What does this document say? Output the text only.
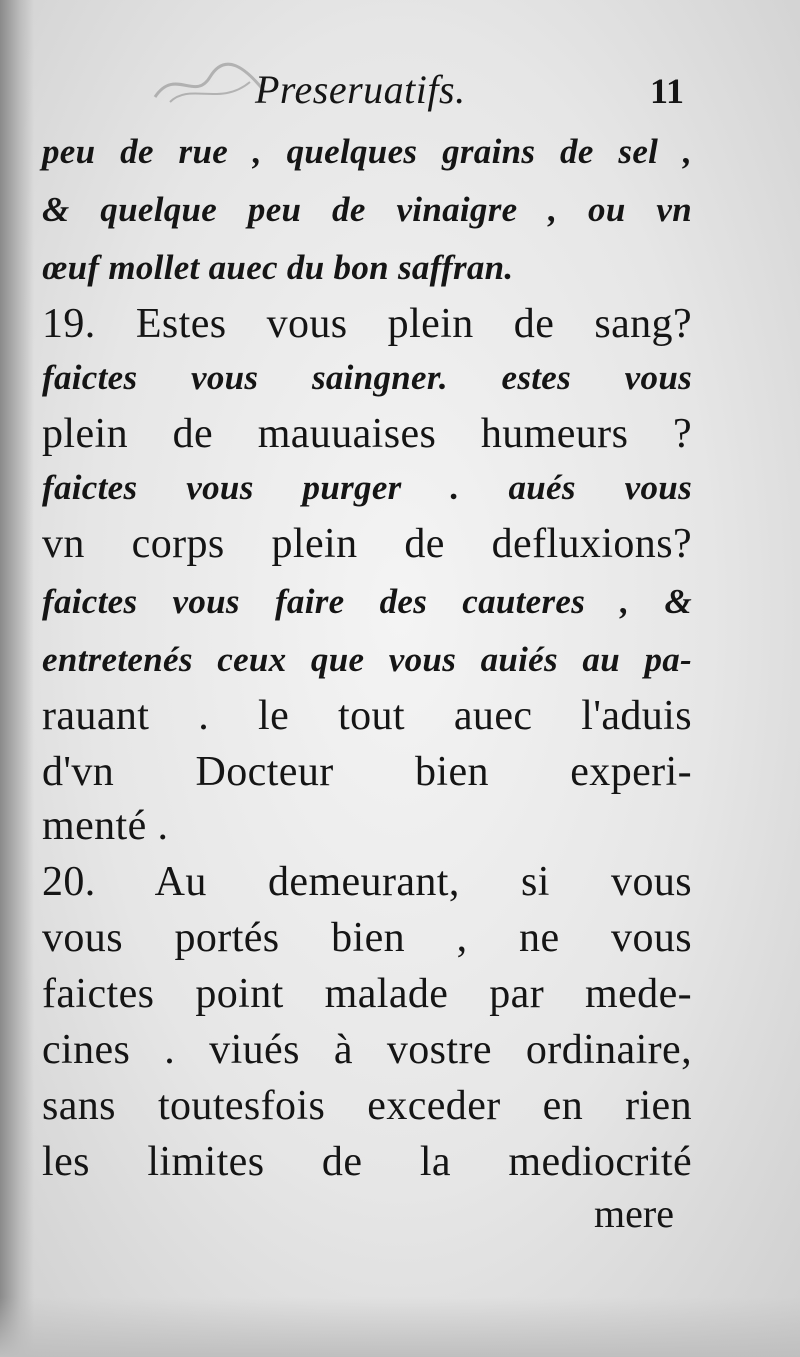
Preseruatifs.	11
peu de rue , quelques grains de sel ,
& quelque peu de vinaigre , ou vn
œuf mollet auec du bon saffran.
19. Estes vous plein de sang?
faictes vous saingner. estes vous
plein de mauuaises humeurs ?
faictes vous purger . aués vous
vn corps plein de defluxions?
faictes vous faire des cauteres , &
entretenés ceux que vous auiés au pa-
rauant . le tout auec l'aduis
d'vn Docteur bien experi-
menté .
20. Au demeurant, si vous
vous portés bien , ne vous
faictes point malade par mede-
cines . viués à vostre ordinaire,
sans toutesfois exceder en rien
les limites de la mediocrité
mere
